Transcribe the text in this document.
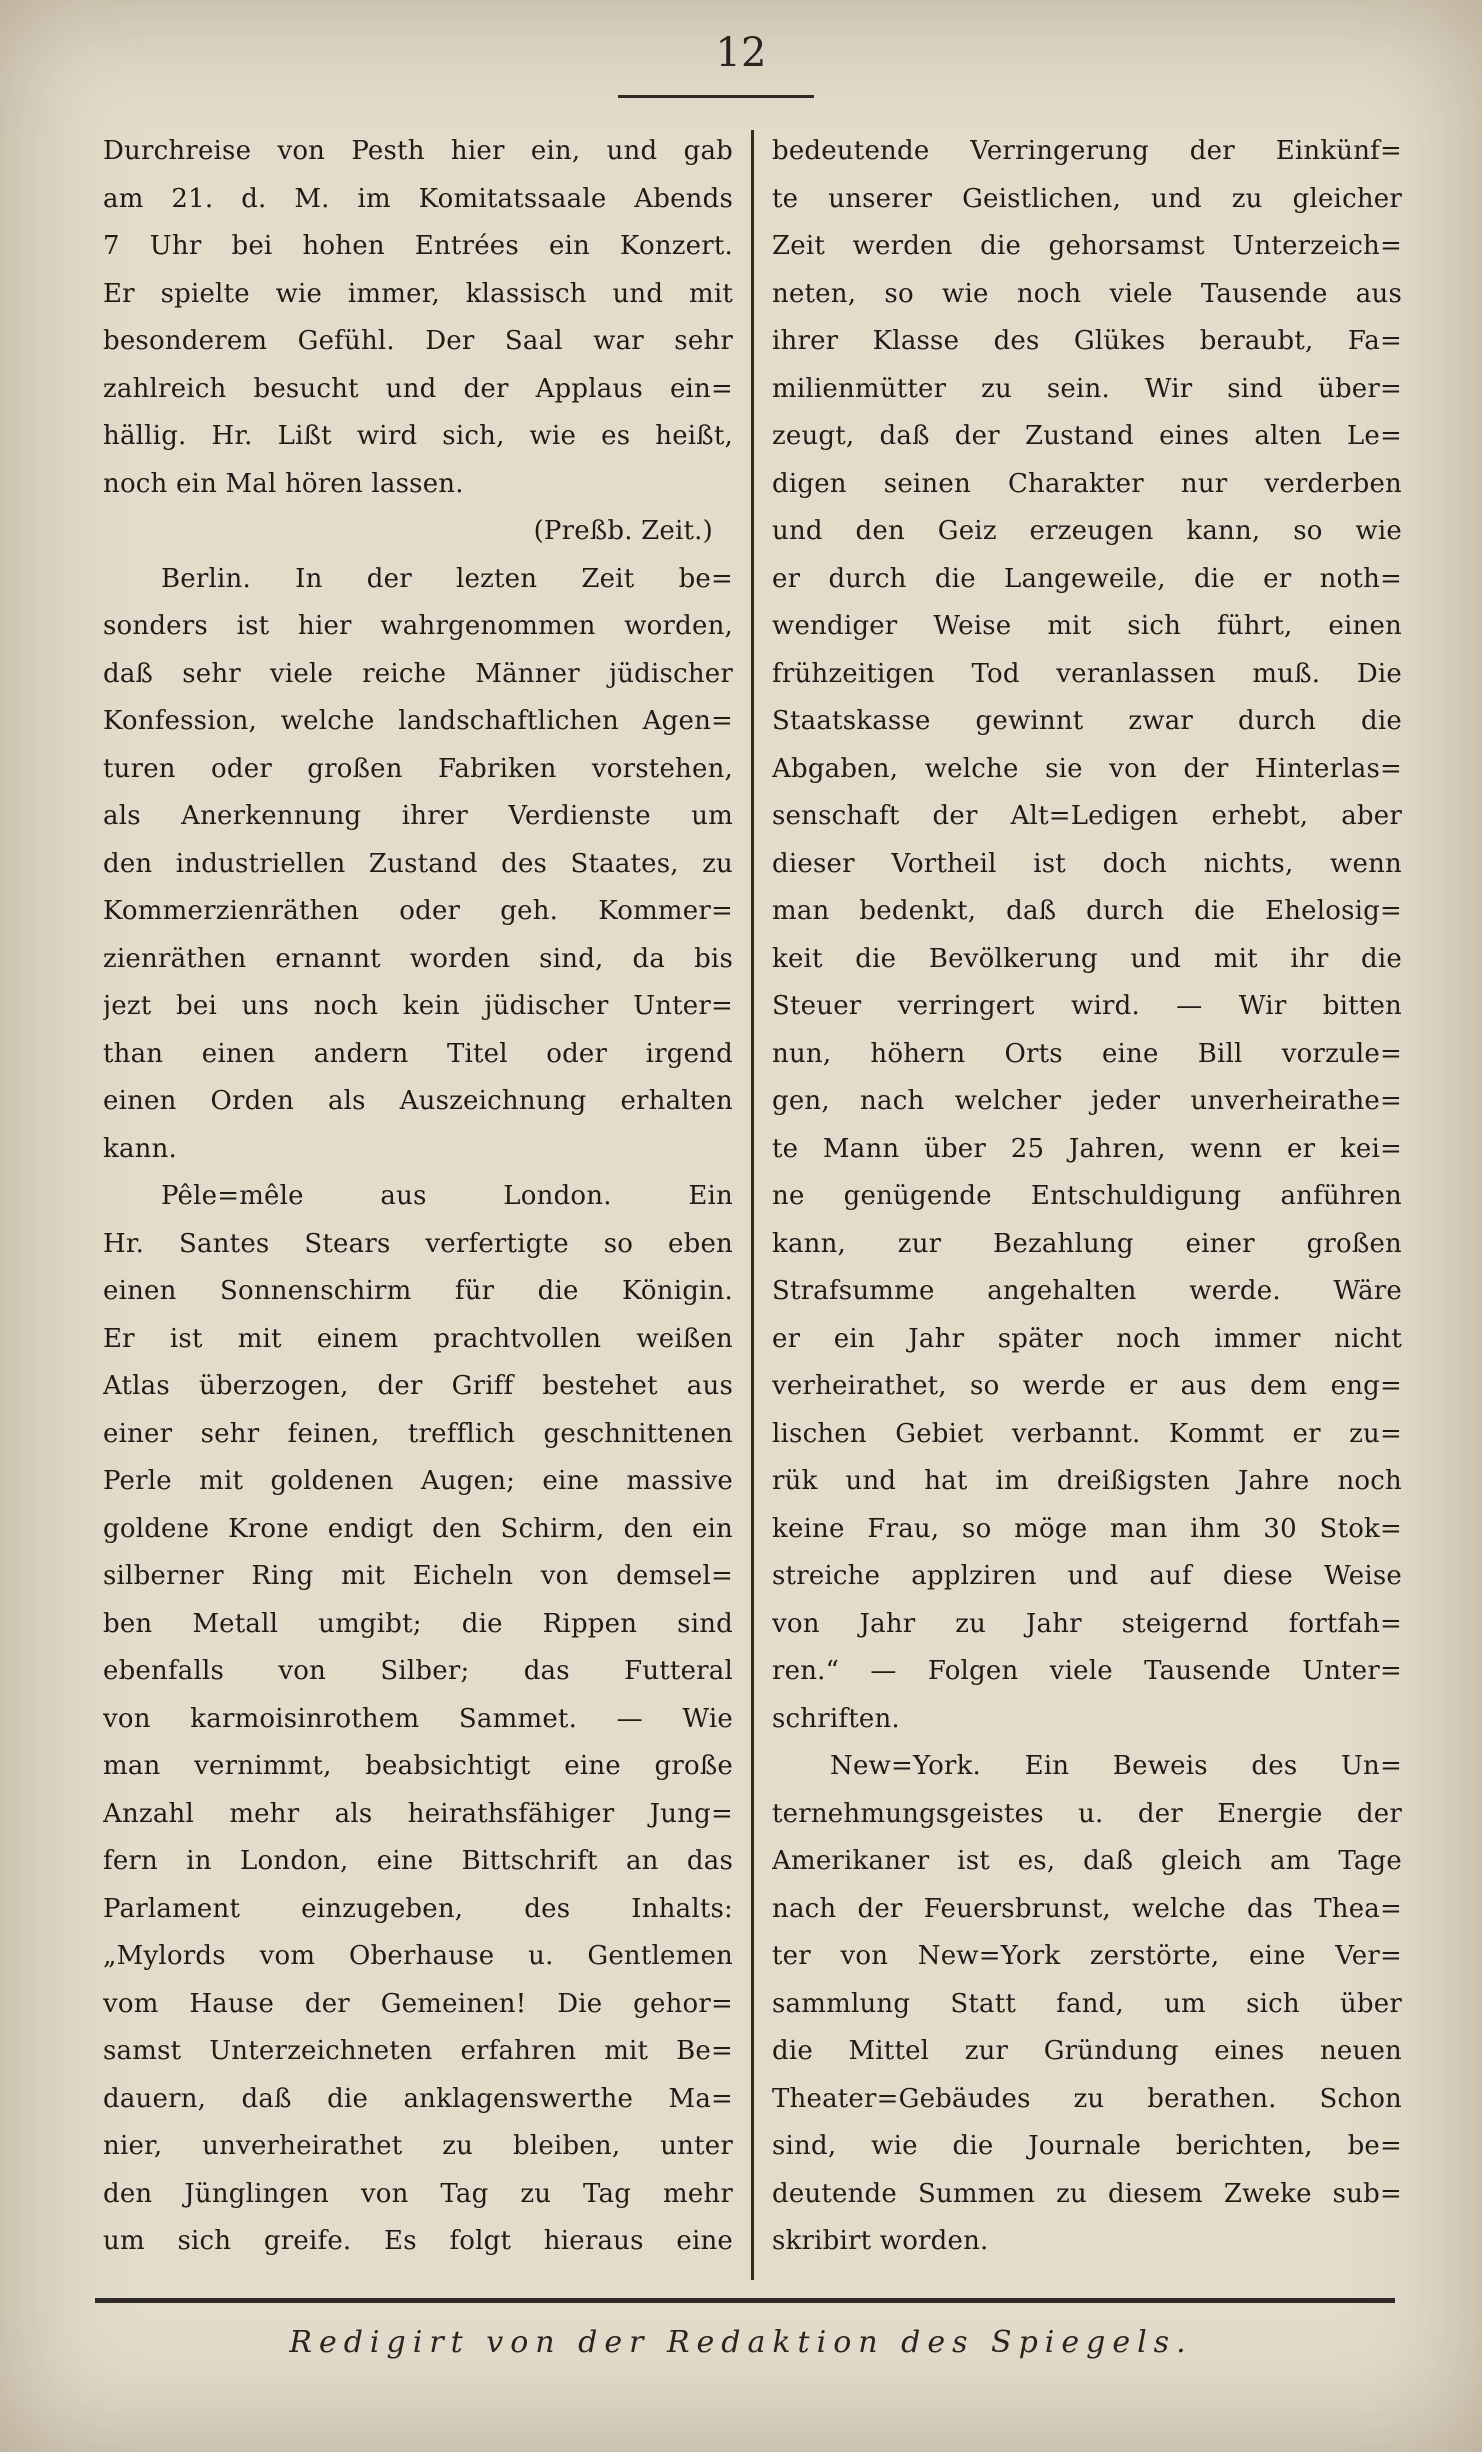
12
Durchreise von Pesth hier ein, und gab
am 21. d. M. im Komitatssaale Abends
7 Uhr bei hohen Entrées ein Konzert.
Er spielte wie immer, klassisch und mit
besonderem Gefühl. Der Saal war sehr
zahlreich besucht und der Applaus ein=
hällig. Hr. Lißt wird sich, wie es heißt,
noch ein Mal hören lassen.
(Preßb. Zeit.)
Berlin. In der lezten Zeit be=
sonders ist hier wahrgenommen worden,
daß sehr viele reiche Männer jüdischer
Konfession, welche landschaftlichen Agen=
turen oder großen Fabriken vorstehen,
als Anerkennung ihrer Verdienste um
den industriellen Zustand des Staates, zu
Kommerzienräthen oder geh. Kommer=
zienräthen ernannt worden sind, da bis
jezt bei uns noch kein jüdischer Unter=
than einen andern Titel oder irgend
einen Orden als Auszeichnung erhalten
kann.
Pêle=mêle aus London. Ein
Hr. Santes Stears verfertigte so eben
einen Sonnenschirm für die Königin.
Er ist mit einem prachtvollen weißen
Atlas überzogen, der Griff bestehet aus
einer sehr feinen, trefflich geschnittenen
Perle mit goldenen Augen; eine massive
goldene Krone endigt den Schirm, den ein
silberner Ring mit Eicheln von demsel=
ben Metall umgibt; die Rippen sind
ebenfalls von Silber; das Futteral
von karmoisinrothem Sammet. — Wie
man vernimmt, beabsichtigt eine große
Anzahl mehr als heirathsfähiger Jung=
fern in London, eine Bittschrift an das
Parlament einzugeben, des Inhalts:
„Mylords vom Oberhause u. Gentlemen
vom Hause der Gemeinen! Die gehor=
samst Unterzeichneten erfahren mit Be=
dauern, daß die anklagenswerthe Ma=
nier, unverheirathet zu bleiben, unter
den Jünglingen von Tag zu Tag mehr
um sich greife. Es folgt hieraus eine
bedeutende Verringerung der Einkünf=
te unserer Geistlichen, und zu gleicher
Zeit werden die gehorsamst Unterzeich=
neten, so wie noch viele Tausende aus
ihrer Klasse des Glükes beraubt, Fa=
milienmütter zu sein. Wir sind über=
zeugt, daß der Zustand eines alten Le=
digen seinen Charakter nur verderben
und den Geiz erzeugen kann, so wie
er durch die Langeweile, die er noth=
wendiger Weise mit sich führt, einen
frühzeitigen Tod veranlassen muß. Die
Staatskasse gewinnt zwar durch die
Abgaben, welche sie von der Hinterlas=
senschaft der Alt=Ledigen erhebt, aber
dieser Vortheil ist doch nichts, wenn
man bedenkt, daß durch die Ehelosig=
keit die Bevölkerung und mit ihr die
Steuer verringert wird. — Wir bitten
nun, höhern Orts eine Bill vorzule=
gen, nach welcher jeder unverheirathe=
te Mann über 25 Jahren, wenn er kei=
ne genügende Entschuldigung anführen
kann, zur Bezahlung einer großen
Strafsumme angehalten werde. Wäre
er ein Jahr später noch immer nicht
verheirathet, so werde er aus dem eng=
lischen Gebiet verbannt. Kommt er zu=
rük und hat im dreißigsten Jahre noch
keine Frau, so möge man ihm 30 Stok=
streiche applziren und auf diese Weise
von Jahr zu Jahr steigernd fortfah=
ren.“ — Folgen viele Tausende Unter=
schriften.
New=York. Ein Beweis des Un=
ternehmungsgeistes u. der Energie der
Amerikaner ist es, daß gleich am Tage
nach der Feuersbrunst, welche das Thea=
ter von New=York zerstörte, eine Ver=
sammlung Statt fand, um sich über
die Mittel zur Gründung eines neuen
Theater=Gebäudes zu berathen. Schon
sind, wie die Journale berichten, be=
deutende Summen zu diesem Zweke sub=
skribirt worden.
Redigirt von der Redaktion des Spiegels.
